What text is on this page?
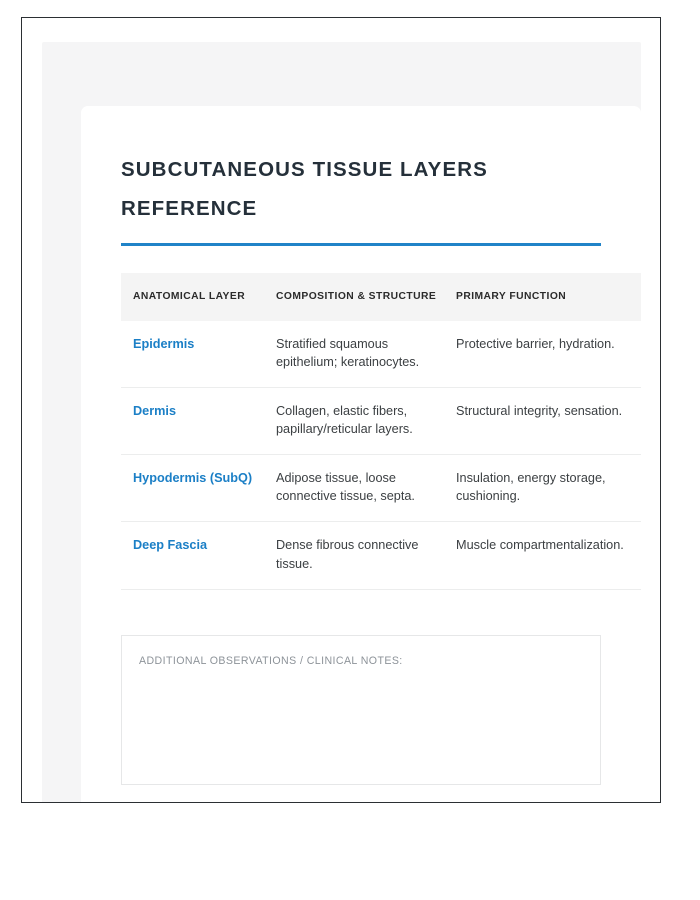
SUBCUTANEOUS TISSUE LAYERS REFERENCE
ANATOMICAL LAYER	COMPOSITION & STRUCTURE	PRIMARY FUNCTION
Epidermis	Stratified squamous epithelium; keratinocytes.	Protective barrier, hydration.
Dermis	Collagen, elastic fibers, papillary/reticular layers.	Structural integrity, sensation.
Hypodermis (SubQ)	Adipose tissue, loose connective tissue, septa.	Insulation, energy storage, cushioning.
Deep Fascia	Dense fibrous connective tissue.	Muscle compartmentalization.
ADDITIONAL OBSERVATIONS / CLINICAL NOTES:
